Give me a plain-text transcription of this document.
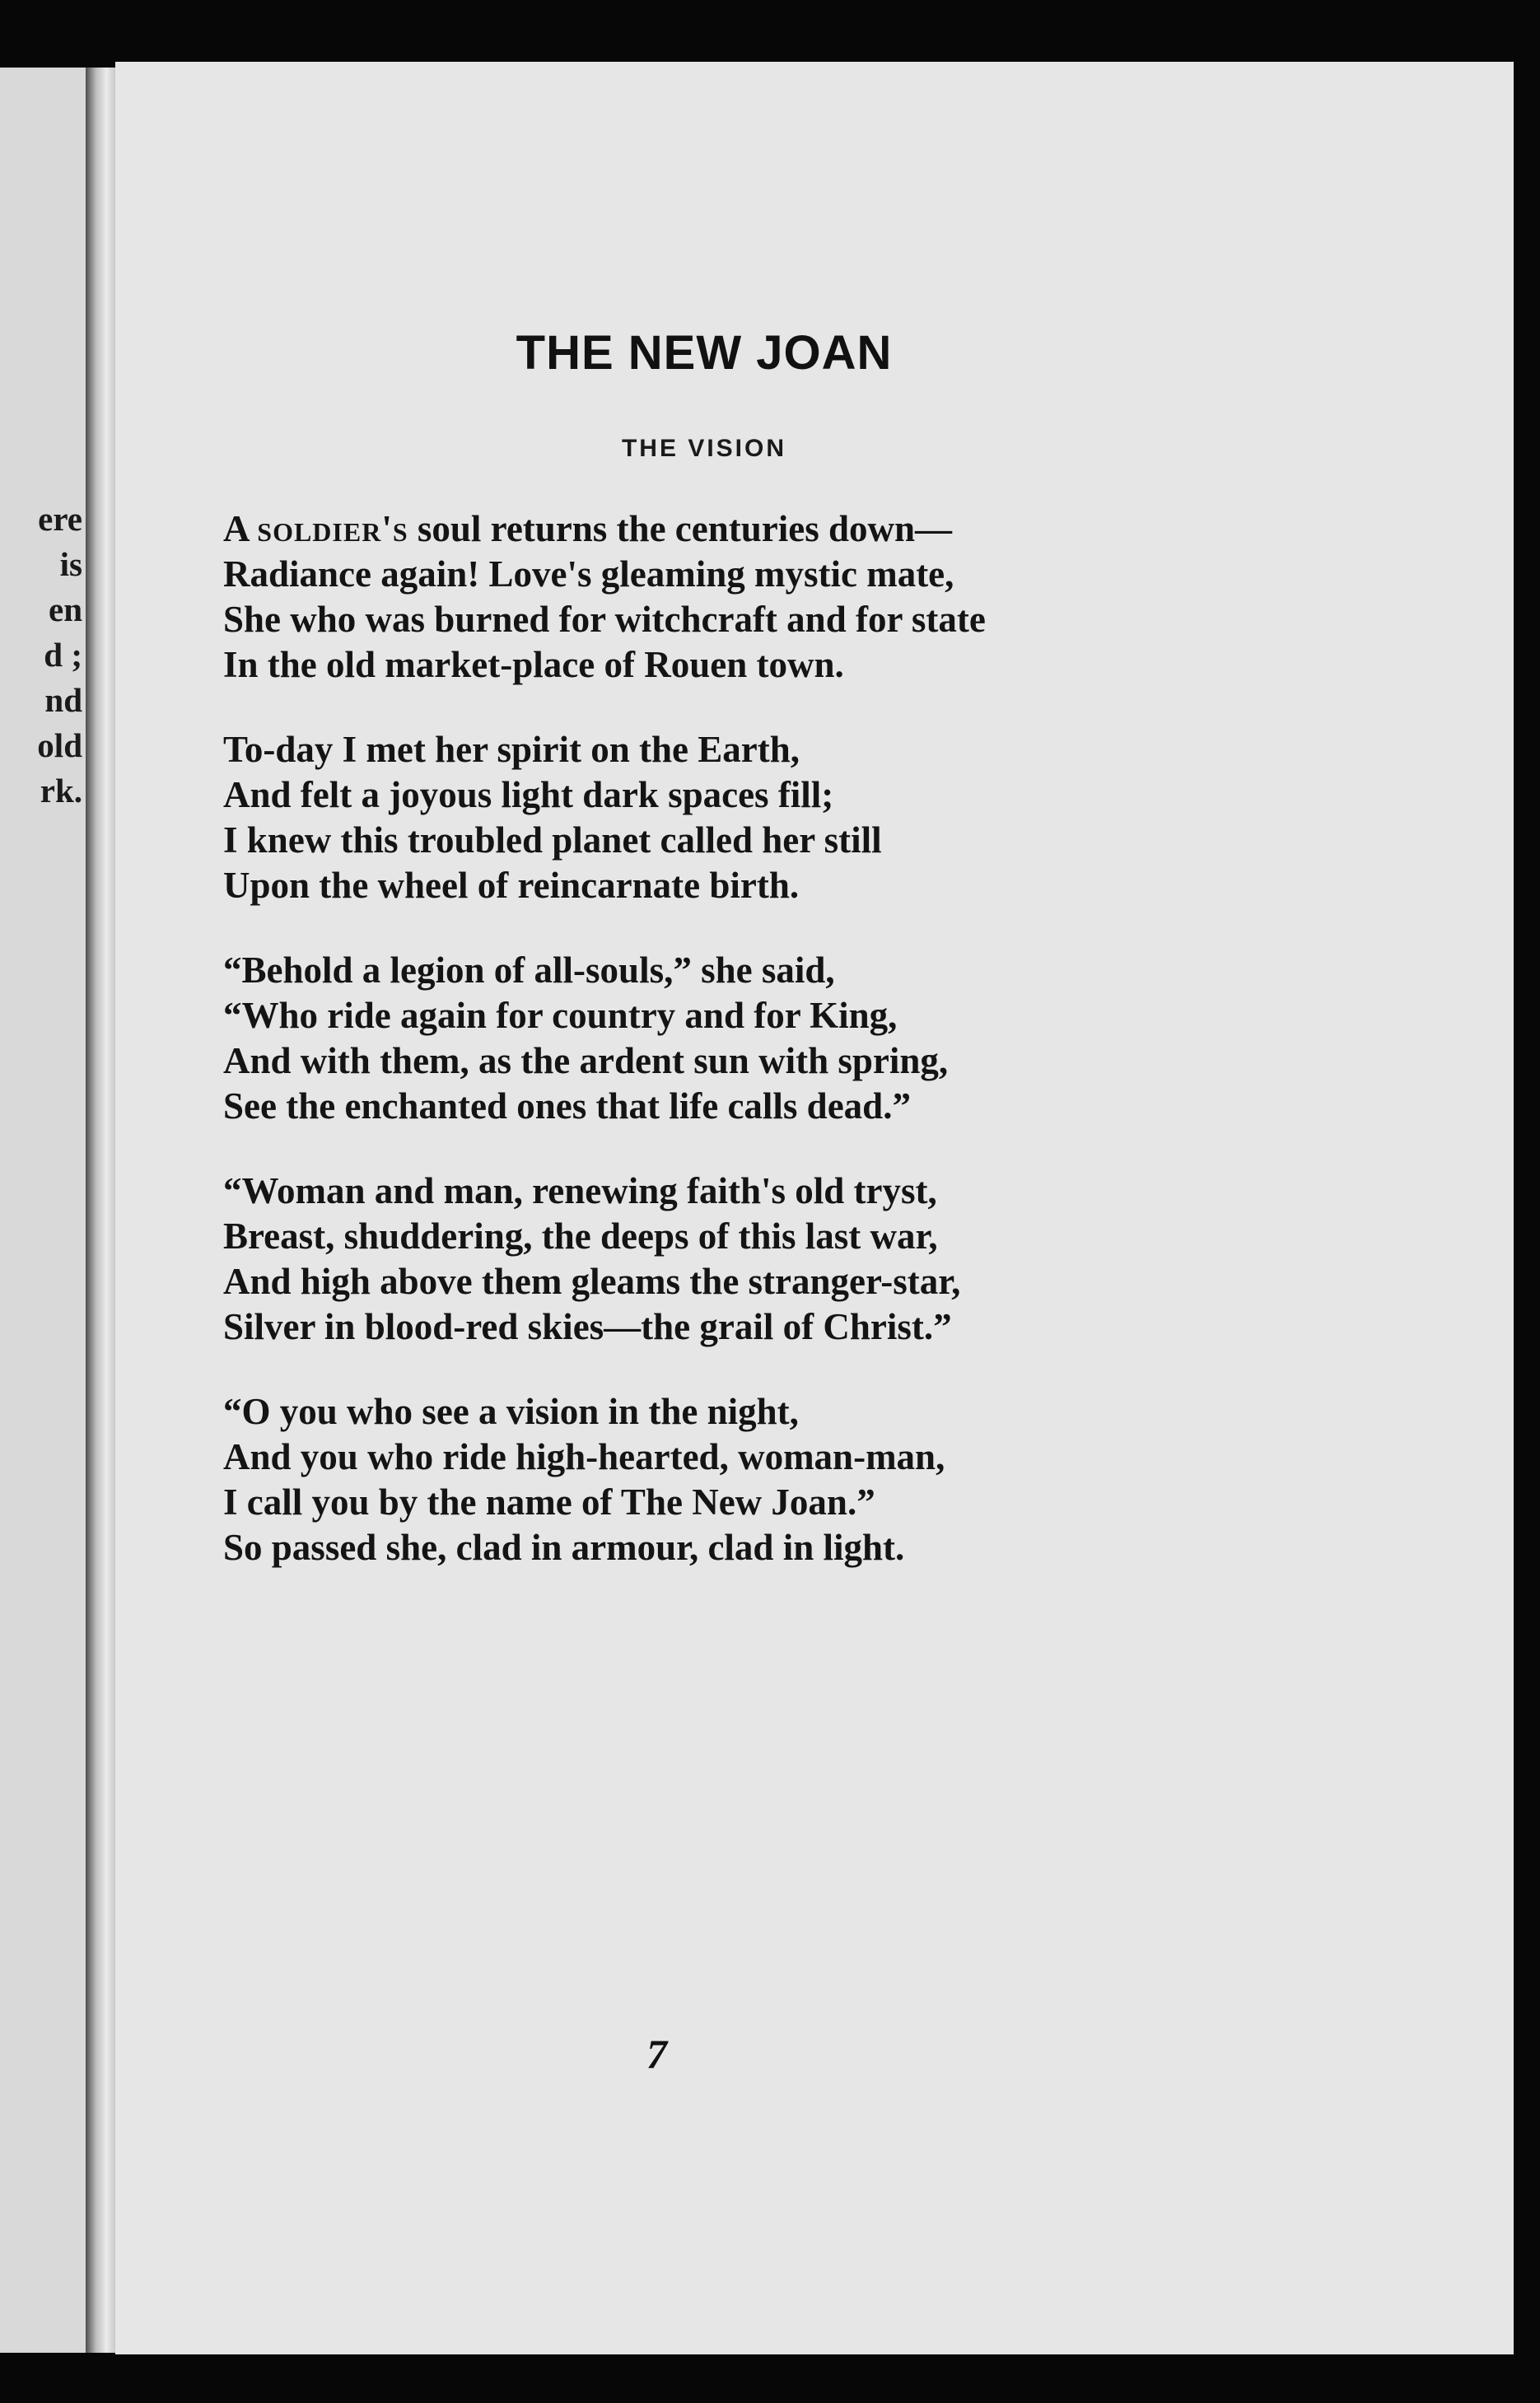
ere
is
en
d ;
nd
old
rk.
THE NEW JOAN
THE VISION
A soldier's soul returns the centuries down—
Radiance again! Love's gleaming mystic mate,
She who was burned for witchcraft and for state
In the old market-place of Rouen town.
To-day I met her spirit on the Earth,
And felt a joyous light dark spaces fill;
I knew this troubled planet called her still
Upon the wheel of reincarnate birth.
“Behold a legion of all-souls,” she said,
“Who ride again for country and for King,
And with them, as the ardent sun with spring,
See the enchanted ones that life calls dead.”
“Woman and man, renewing faith's old tryst,
Breast, shuddering, the deeps of this last war,
And high above them gleams the stranger-star,
Silver in blood-red skies—the grail of Christ.”
“O you who see a vision in the night,
And you who ride high-hearted, woman-man,
I call you by the name of The New Joan.”
So passed she, clad in armour, clad in light.
7
